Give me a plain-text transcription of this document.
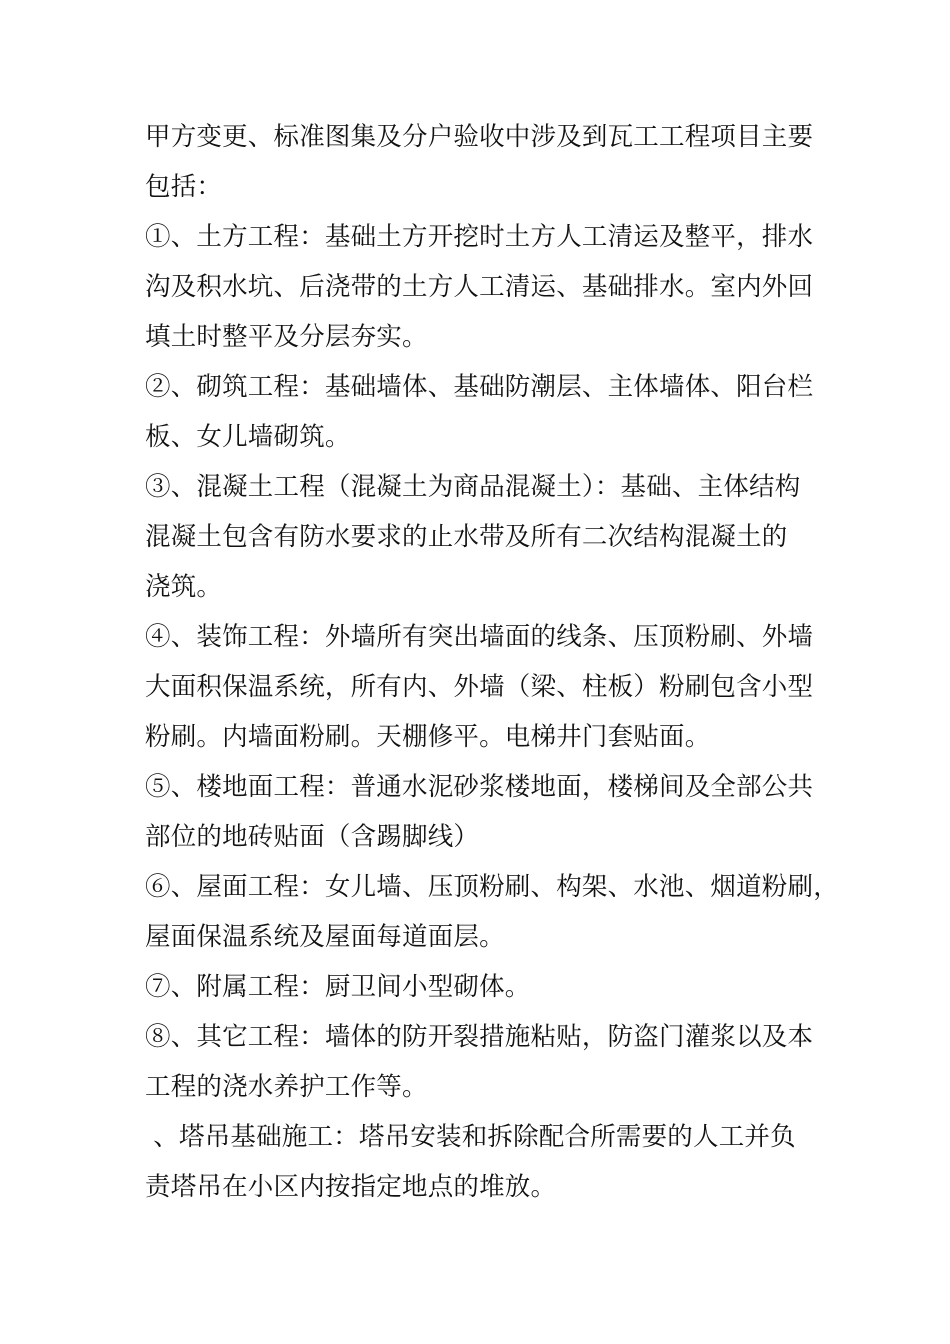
甲方变更、标准图集及分户验收中涉及到瓦工工程项目主要
包括：
①、土方工程：基础土方开挖时土方人工清运及整平，排水
沟及积水坑、后浇带的土方人工清运、基础排水。室内外回
填土时整平及分层夯实。
②、砌筑工程：基础墙体、基础防潮层、主体墙体、阳台栏
板、女儿墙砌筑。
③、混凝土工程（混凝土为商品混凝土）：基础、主体结构
混凝土包含有防水要求的止水带及所有二次结构混凝土的
浇筑。
④、装饰工程：外墙所有突出墙面的线条、压顶粉刷、外墙
大面积保温系统，所有内、外墙（梁、柱板）粉刷包含小型
粉刷。内墙面粉刷。天棚修平。电梯井门套贴面。
⑤、楼地面工程：普通水泥砂浆楼地面，楼梯间及全部公共
部位的地砖贴面（含踢脚线）
⑥、屋面工程：女儿墙、压顶粉刷、构架、水池、烟道粉刷，
屋面保温系统及屋面每道面层。
⑦、附属工程：厨卫间小型砌体。
⑧、其它工程：墙体的防开裂措施粘贴，防盗门灌浆以及本
工程的浇水养护工作等。
、塔吊基础施工：塔吊安装和拆除配合所需要的人工并负
责塔吊在小区内按指定地点的堆放。
